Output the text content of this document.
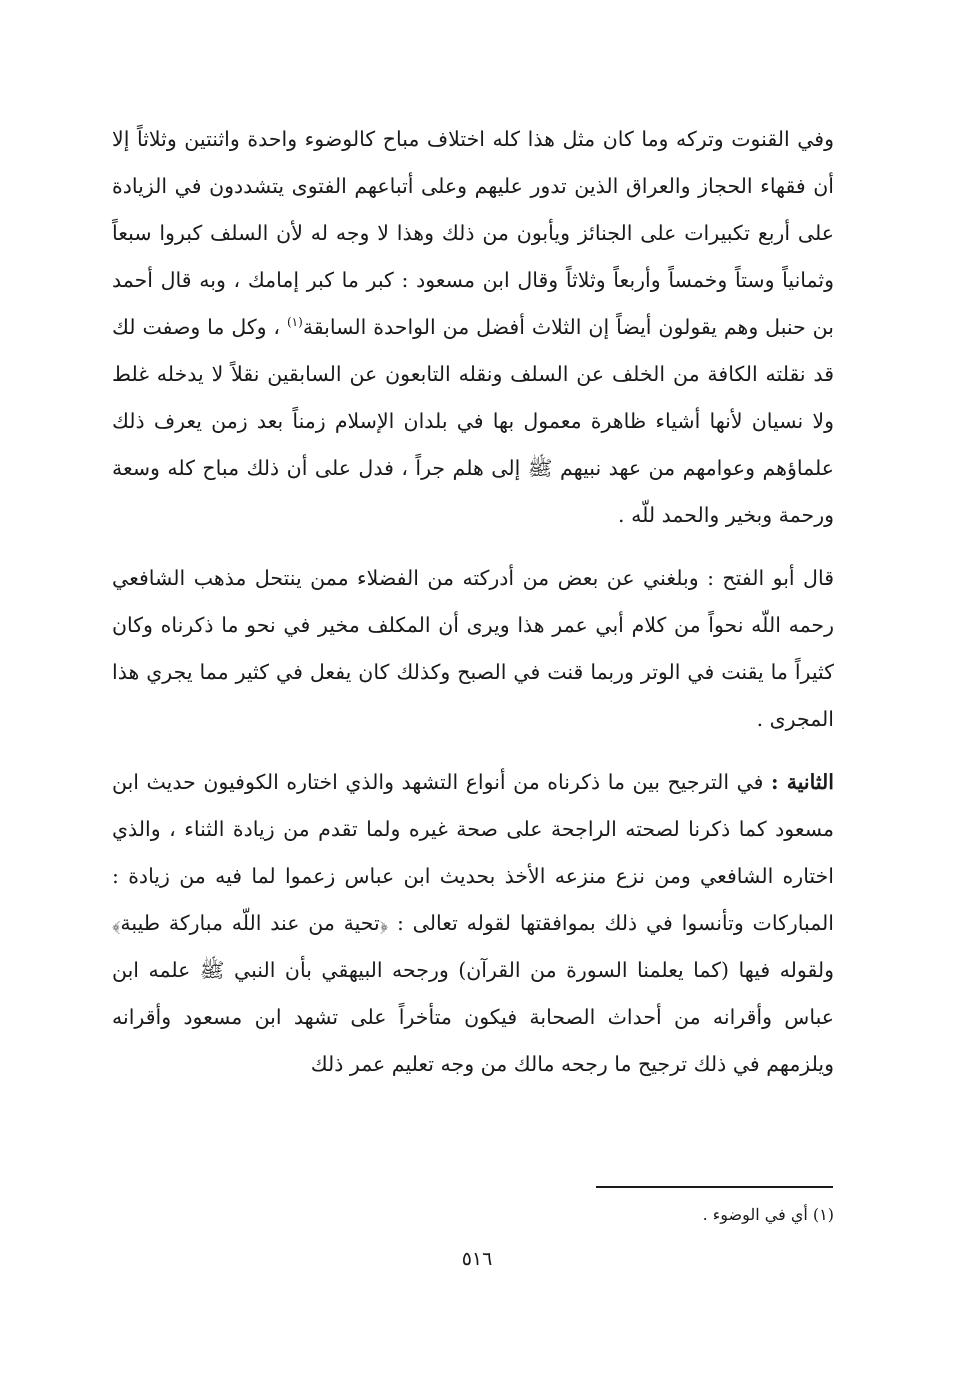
وفي القنوت وتركه وما كان مثل هذا كله اختلاف مباح كالوضوء واحدة واثنتين وثلاثاً إلا أن فقهاء الحجاز والعراق الذين تدور عليهم وعلى أتباعهم الفتوى يتشددون في الزيادة على أربع تكبيرات على الجنائز ويأبون من ذلك وهذا لا وجه له لأن السلف كبروا سبعاً وثمانياً وستاً وخمساً وأربعاً وثلاثاً وقال ابن مسعود : كبر ما كبر إمامك ، وبه قال أحمد بن حنبل وهم يقولون أيضاً إن الثلاث أفضل من الواحدة السابقة$^{(١)}$ ، وكل ما وصفت لك قد نقلته الكافة من الخلف عن السلف ونقله التابعون عن السابقين نقلاً لا يدخله غلط ولا نسيان لأنها أشياء ظاهرة معمول بها في بلدان الإسلام زمناً بعد زمن يعرف ذلك علماؤهم وعوامهم من عهد نبيهم ﷺ إلى هلم جراً ، فدل على أن ذلك مباح كله وسعة ورحمة وبخير والحمد للّه .

قال أبو الفتح : وبلغني عن بعض من أدركته من الفضلاء ممن ينتحل مذهب الشافعي رحمه اللّه نحواً من كلام أبي عمر هذا ويرى أن المكلف مخير في نحو ما ذكرناه وكان كثيراً ما يقنت في الوتر وربما قنت في الصبح وكذلك كان يفعل في كثير مما يجري هذا المجرى .

الثانية : في الترجيح بين ما ذكرناه من أنواع التشهد والذي اختاره الكوفيون حديث ابن مسعود كما ذكرنا لصحته الراجحة على صحة غيره ولما تقدم من زيادة الثناء ، والذي اختاره الشافعي ومن نزع منزعه الأخذ بحديث ابن عباس زعموا لما فيه من زيادة : المباركات وتأنسوا في ذلك بموافقتها لقوله تعالى : ﴿تحية من عند اللّه مباركة طيبة﴾ ولقوله فيها (كما يعلمنا السورة من القرآن) ورجحه البيهقي بأن النبي ﷺ علمه ابن عباس وأقرانه من أحداث الصحابة فيكون متأخراً على تشهد ابن مسعود وأقرانه ويلزمهم في ذلك ترجيح ما رجحه مالك من وجه تعليم عمر ذلك

(١) أي في الوضوء .
٥١٦
